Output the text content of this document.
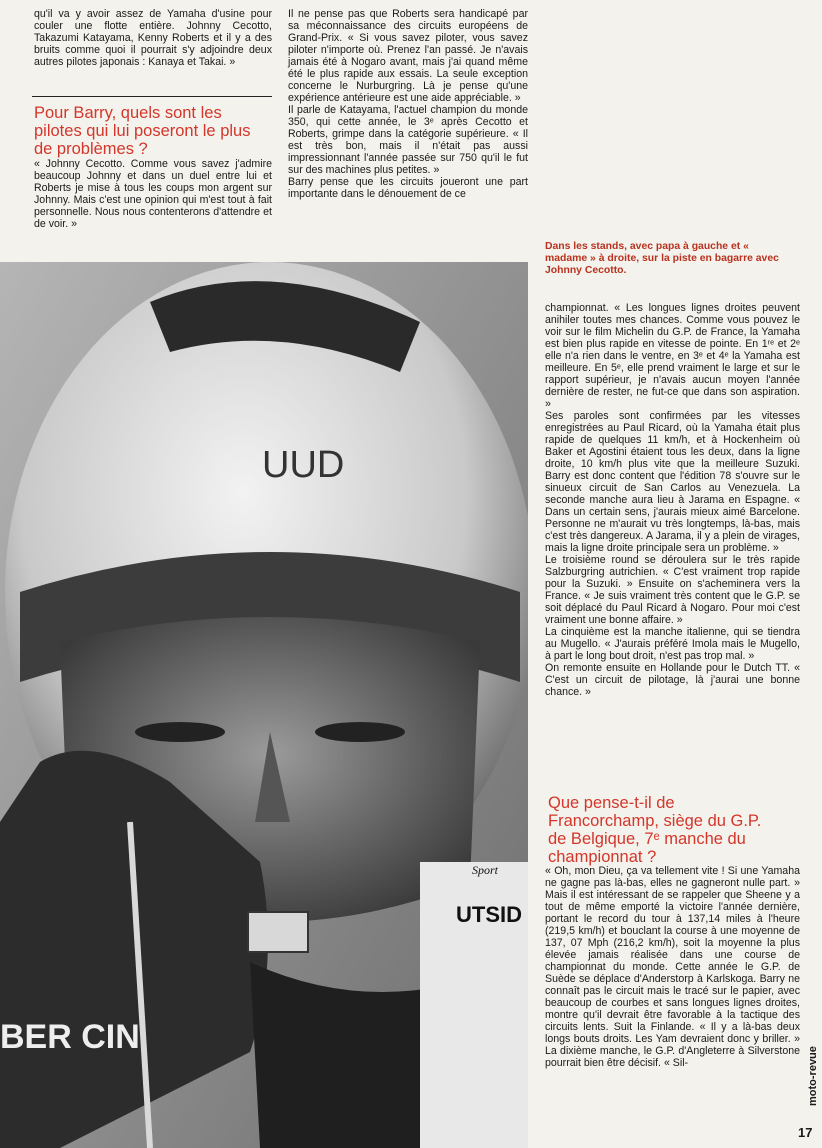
qu'il va y avoir assez de Yamaha d'usine pour couler une flotte entière. Johnny Cecotto, Takazumi Katayama, Kenny Roberts et il y a des bruits comme quoi il pourrait s'y adjoindre deux autres pilotes japonais : Kanaya et Takai. »

Pour Barry, quels sont les pilotes qui lui poseront le plus de problèmes ?
« Johnny Cecotto. Comme vous savez j'admire beaucoup Johnny et dans un duel entre lui et Roberts je mise à tous les coups mon argent sur Johnny. Mais c'est une opinion qui m'est tout à fait personnelle. Nous nous contenterons d'attendre et de voir. »

Il ne pense pas que Roberts sera handicapé par sa méconnaissance des circuits européens de Grand-Prix. « Si vous savez piloter, vous savez piloter n'importe où. Prenez l'an passé. Je n'avais jamais été à Nogaro avant, mais j'ai quand même été le plus rapide aux essais. La seule exception concerne le Nurburgring. Là je pense qu'une expérience antérieure est une aide appréciable. »

Il parle de Katayama, l'actuel champion du monde 350, qui cette année, le 3ᵉ après Cecotto et Roberts, grimpe dans la catégorie supérieure. « Il est très bon, mais il n'était pas aussi impressionnant l'année passée sur 750 qu'il le fut sur des machines plus petites. »

Barry pense que les circuits joueront une part importante dans le dénouement de ce

Dans les stands, avec papa à gauche et « madame » à droite, sur la piste en bagarre avec Johnny Cecotto.

championnat. « Les longues lignes droites peuvent anihiler toutes mes chances. Comme vous pouvez le voir sur le film Michelin du G.P. de France, la Yamaha est bien plus rapide en vitesse de pointe. En 1ʳᵉ et 2ᵉ elle n'a rien dans le ventre, en 3ᵉ et 4ᵉ la Yamaha est meilleure. En 5ᵉ, elle prend vraiment le large et sur le rapport supérieur, je n'avais aucun moyen l'année dernière de rester, ne fut-ce que dans son aspiration. »

Ses paroles sont confirmées par les vitesses enregistrées au Paul Ricard, où la Yamaha était plus rapide de quelques 11 km/h, et à Hockenheim où Baker et Agostini étaient tous les deux, dans la ligne droite, 10 km/h plus vite que la meilleure Suzuki. Barry est donc content que l'édition 78 s'ouvre sur le sinueux circuit de San Carlos au Venezuela. La seconde manche aura lieu à Jarama en Espagne. « Dans un certain sens, j'aurais mieux aimé Barcelone. Personne ne m'aurait vu très longtemps, là-bas, mais c'est très dangereux. A Jarama, il y a plein de virages, mais la ligne droite principale sera un problème. »

Le troisième round se déroulera sur le très rapide Salzburgring autrichien. « C'est vraiment trop rapide pour la Suzuki. » Ensuite on s'acheminera vers la France. « Je suis vraiment très content que le G.P. se soit déplacé du Paul Ricard à Nogaro. Pour moi c'est vraiment une bonne affaire. »

La cinquième est la manche italienne, qui se tiendra au Mugello. « J'aurais préféré Imola mais le Mugello, à part le long bout droit, n'est pas trop mal. »

On remonte ensuite en Hollande pour le Dutch TT. « C'est un circuit de pilotage, là j'aurai une bonne chance. »

Que pense-t-il de Francorchamp, siège du G.P. de Belgique, 7ᵉ manche du championnat ?
« Oh, mon Dieu, ça va tellement vite ! Si une Yamaha ne gagne pas là-bas, elles ne gagneront nulle part. » Mais il est intéressant de se rappeler que Sheene y a tout de même emporté la victoire l'année dernière, portant le record du tour à 137,14 miles à l'heure (219,5 km/h) et bouclant la course à une moyenne de 137, 07 Mph (216,2 km/h), soit la moyenne la plus élevée jamais réalisée dans une course de championnat du monde. Cette année le G.P. de Suède se déplace d'Anderstorp à Karlskoga. Barry ne connaît pas le circuit mais le tracé sur le papier, avec beaucoup de courbes et sans longues lignes droites, montre qu'il devrait être favorable à la tactique des circuits lents. Suit la Finlande. « Il y a là-bas deux longs bouts droits. Les Yam devraient donc y briller. » La dixième manche, le G.P. d'Angleterre à Silverstone pourrait bien être décisif. « Sil-
UUD
UTSID
Sport
BER CIN
moto-revue
17
